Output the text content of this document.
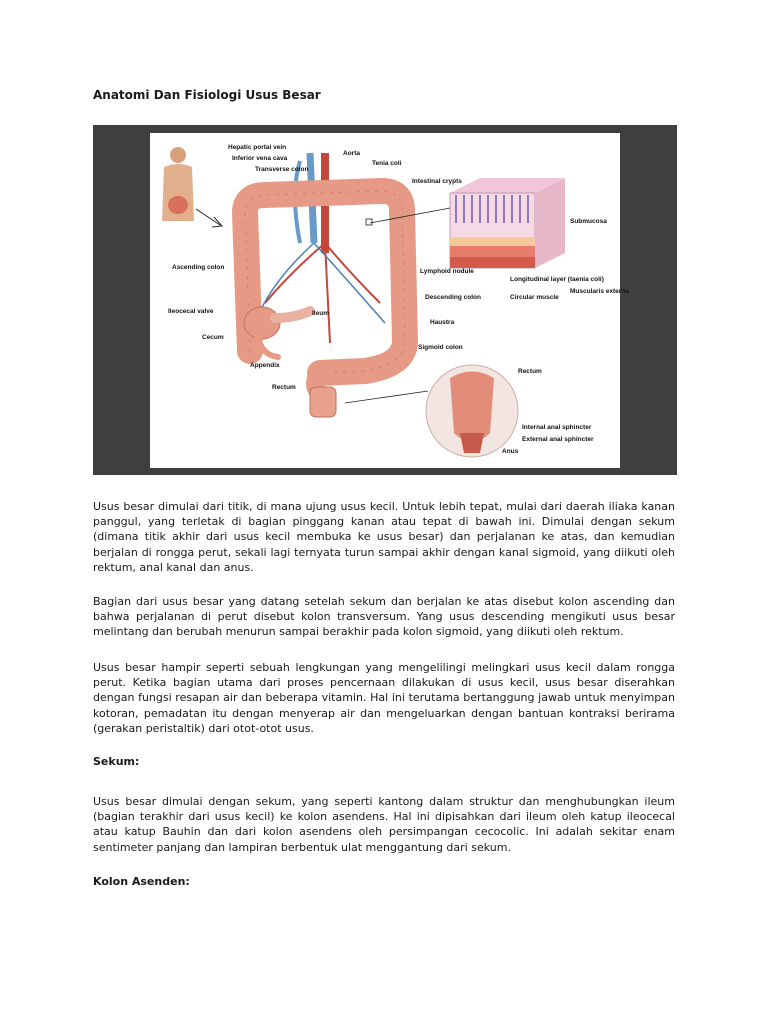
Anatomi Dan Fisiologi Usus Besar
Hepatic portal vein
Inferior vena cava
Transverse colon
Aorta
Tenia coli
Intestinal crypts
Submucosa
Ascending colon
Lymphoid nodule
Longitudinal layer (taenia coli)
Muscularis externa
Circular muscle
Descending colon
Ileocecal valve	Ileum
Haustra
Cecum
Appendix
Sigmoid colon
Rectum
Rectum
Internal anal sphincter
External anal sphincter
Anus

Usus besar dimulai dari titik, di mana ujung usus kecil. Untuk lebih tepat, mulai dari daerah iliaka kanan panggul, yang terletak di bagian pinggang kanan atau tepat di bawah ini. Dimulai dengan sekum (dimana titik akhir dari usus kecil membuka ke usus besar) dan perjalanan ke atas, dan kemudian berjalan di rongga perut, sekali lagi ternyata turun sampai akhir dengan kanal sigmoid, yang diikuti oleh rektum, anal kanal dan anus.

Bagian dari usus besar yang datang setelah sekum dan berjalan ke atas disebut kolon ascending dan bahwa perjalanan di perut disebut kolon transversum. Yang usus descending mengikuti usus besar melintang dan berubah menurun sampai berakhir pada kolon sigmoid, yang diikuti oleh rektum.

Usus besar hampir seperti sebuah lengkungan yang mengelilingi melingkari usus kecil dalam rongga perut. Ketika bagian utama dari proses pencernaan dilakukan di usus kecil, usus besar diserahkan dengan fungsi resapan air dan beberapa vitamin. Hal ini terutama bertanggung jawab untuk menyimpan kotoran, pemadatan itu dengan menyerap air dan mengeluarkan dengan bantuan kontraksi berirama (gerakan peristaltik) dari otot-otot usus.

Sekum:

Usus besar dimulai dengan sekum, yang seperti kantong dalam struktur dan menghubungkan ileum (bagian terakhir dari usus kecil) ke kolon asendens. Hal ini dipisahkan dari ileum oleh katup ileocecal atau katup Bauhin dan dari kolon asendens oleh persimpangan cecocolic. Ini adalah sekitar enam sentimeter panjang dan lampiran berbentuk ulat menggantung dari sekum.

Kolon Asenden:
